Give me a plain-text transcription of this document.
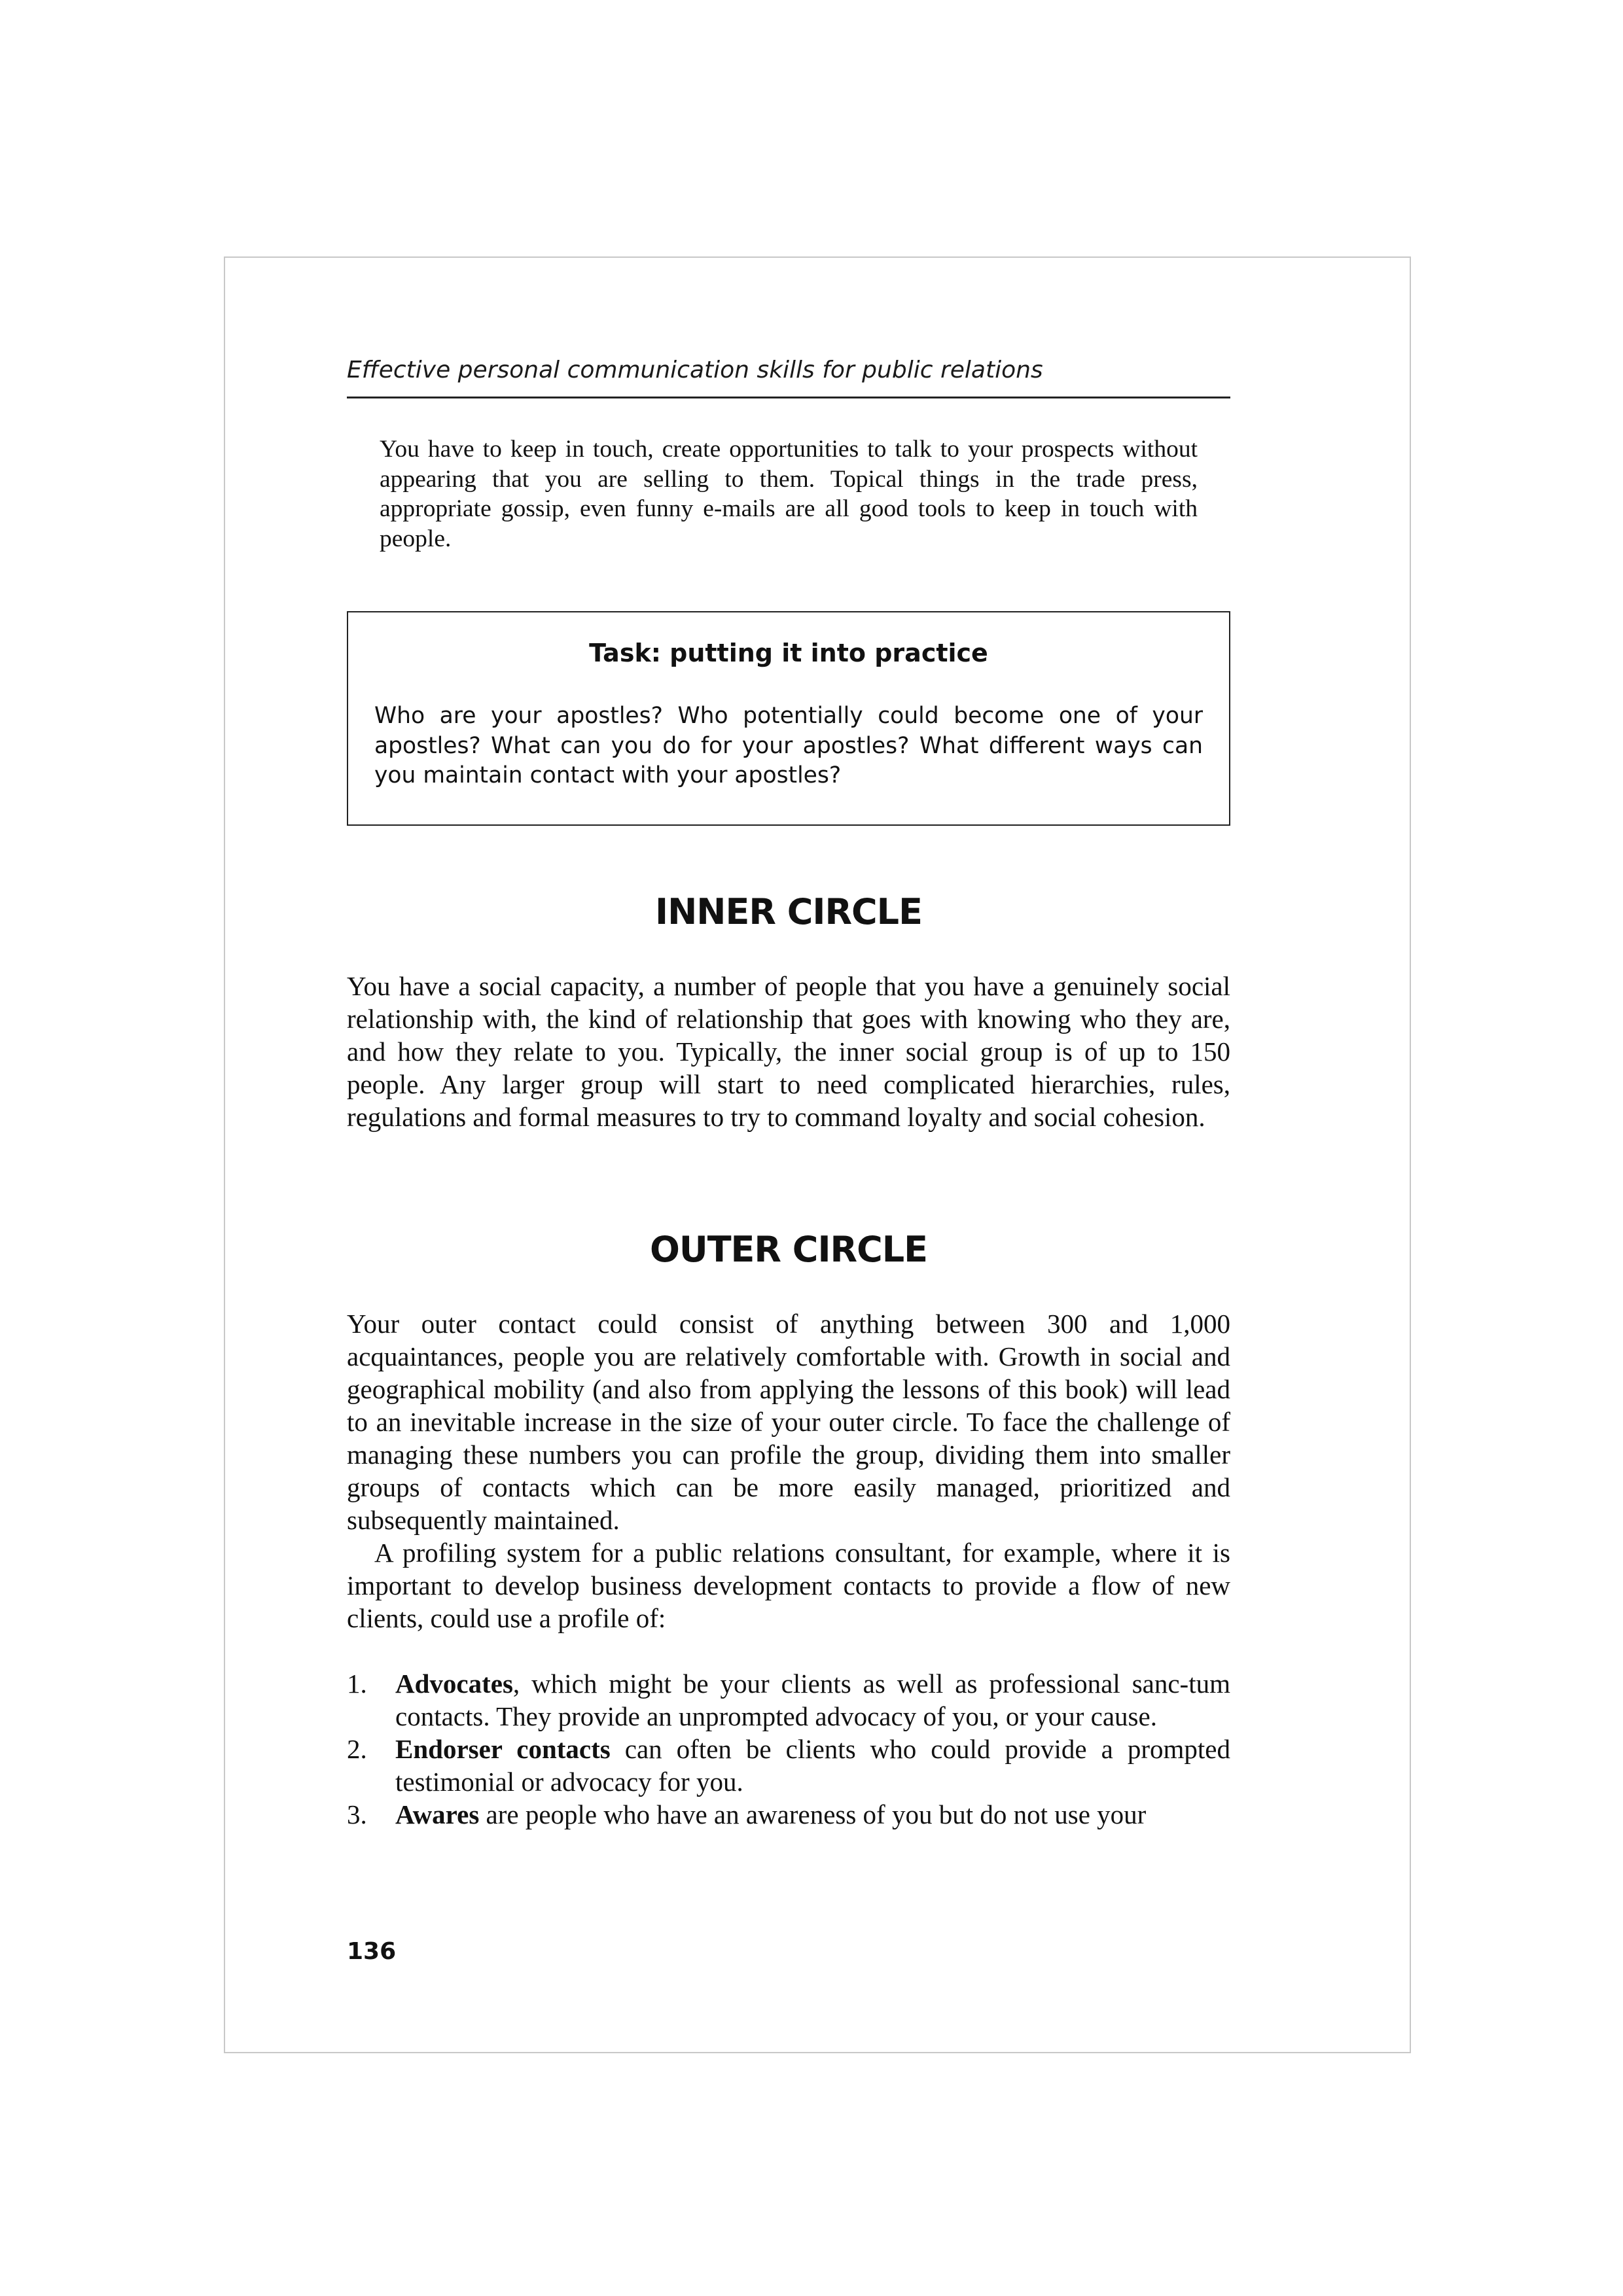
Effective personal communication skills for public relations
You have to keep in touch, create opportunities to talk to your prospects without appearing that you are selling to them. Topical things in the trade press, appropriate gossip, even funny e-mails are all good tools to keep in touch with people.
Task: putting it into practice
Who are your apostles? Who potentially could become one of your apostles? What can you do for your apostles? What different ways can you maintain contact with your apostles?
INNER CIRCLE
You have a social capacity, a number of people that you have a genuinely social relationship with, the kind of relationship that goes with knowing who they are, and how they relate to you. Typically, the inner social group is of up to 150 people. Any larger group will start to need complicated hierarchies, rules, regulations and formal measures to try to command loyalty and social cohesion.
OUTER CIRCLE
Your outer contact could consist of anything between 300 and 1,000 acquaintances, people you are relatively comfortable with. Growth in social and geographical mobility (and also from applying the lessons of this book) will lead to an inevitable increase in the size of your outer circle. To face the challenge of managing these numbers you can profile the group, dividing them into smaller groups of contacts which can be more easily managed, prioritized and subsequently maintained.
A profiling system for a public relations consultant, for example, where it is important to develop business development contacts to provide a flow of new clients, could use a profile of:
1. Advocates, which might be your clients as well as professional sanc-tum contacts. They provide an unprompted advocacy of you, or your cause.
2. Endorser contacts can often be clients who could provide a prompted testimonial or advocacy for you.
3. Awares are people who have an awareness of you but do not use your
136
